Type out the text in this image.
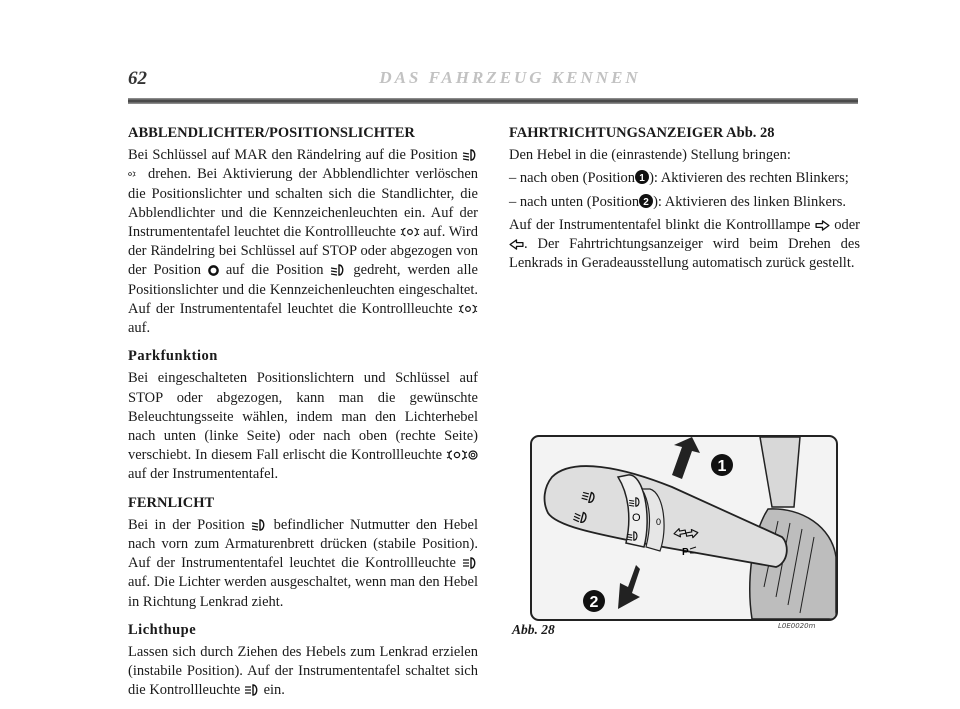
62	DAS FAHRZEUG KENNEN
ABBLENDLICHTER/POSITIONSLICHTER

Bei Schlüssel auf MAR den Rändelring auf die Position  drehen. Bei Aktivierung der Abblendlichter verlöschen die Positionslichter und schalten sich die Standlichter, die Abblendlichter und die Kennzeichenleuchten ein. Auf der Instrumententafel leuchtet die Kontrollleuchte auf. Wird der Rändelring bei Schlüssel auf STOP oder abgezogen von der Position auf die Position gedreht, werden alle Positionslichter und die Kennzeichenleuchten eingeschaltet. Auf der Instrumententafel leuchtet die Kontrollleuchte  auf.

Parkfunktion

Bei eingeschalteten Positionslichtern und Schlüssel auf STOP oder abgezogen, kann man die gewünschte Beleuchtungsseite wählen, indem man den Lichterhebel nach unten (linke Seite) oder nach oben (rechte Seite) verschiebt. In diesem Fall erlischt die Kontrollleuchte  auf der Instrumententafel.

FERNLICHT

Bei in der Position befindlicher Nutmutter den Hebel nach vorn zum Armaturenbrett drücken (stabile Position). Auf der Instrumententafel leuchtet die Kontrollleuchte  auf. Die Lichter werden ausgeschaltet, wenn man den Hebel in Richtung Lenkrad zieht.

Lichthupe

Lassen sich durch Ziehen des Hebels zum Lenkrad erzielen (instabile Position). Auf der Instrumententafel schaltet sich die Kontrollleuchte ein.

FAHRTRICHTUNGSANZEIGER Abb. 28

Den Hebel in die (einrastende) Stellung bringen:

– nach oben (Position 1 ): Aktivieren des rechten Blinkers;

– nach unten (Position 2 ): Aktivieren des linken Blinkers.

Auf der Instrumententafel blinkt die Kontrolllampe oder . Der Fahrtrichtungsanzeiger wird beim Drehen des Lenkrads in Geradeausstellung automatisch zurück gestellt.

O 0
P
1
2
Abb. 28	L0E0020m
